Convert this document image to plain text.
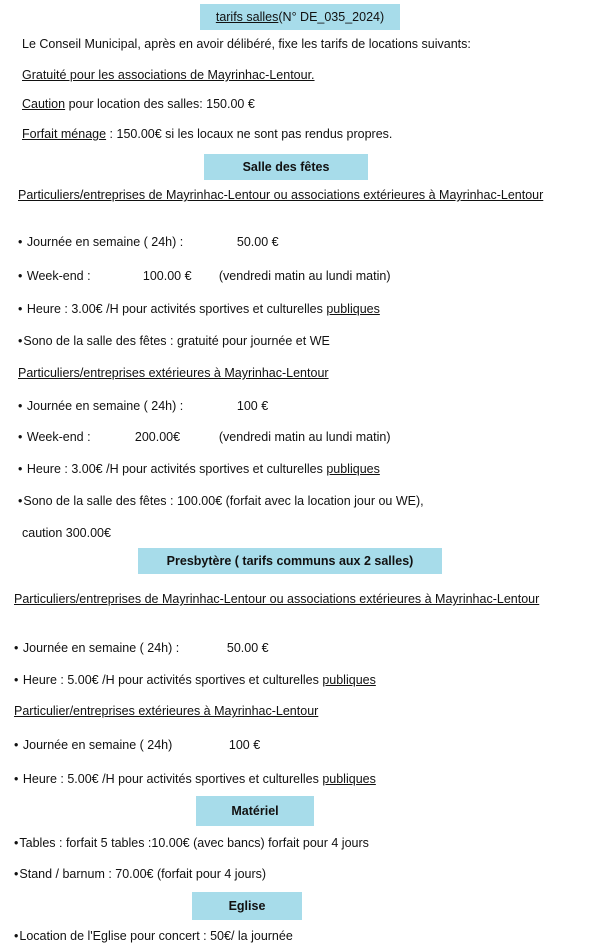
tarifs salles (N° DE_035_2024)
Le Conseil Municipal, après en avoir délibéré, fixe les tarifs de locations suivants:
Gratuité pour les associations de Mayrinhac-Lentour.
Caution pour location des salles: 150.00 €
Forfait ménage : 150.00€ si les locaux ne sont pas rendus propres.
Salle des fêtes
Particuliers/entreprises de Mayrinhac-Lentour ou associations extérieures à Mayrinhac-Lentour
• Journée en semaine ( 24h) :	50.00 €
• Week-end :	100.00 € (vendredi matin au lundi matin)
• Heure : 3.00€ /H pour activités sportives et culturelles publiques
• Sono de la salle des fêtes : gratuité pour journée et WE
Particuliers/entreprises extérieures à Mayrinhac-Lentour
• Journée en semaine ( 24h) :	100 €
• Week-end :	200.00€	(vendredi matin au lundi matin)
• Heure : 3.00€ /H pour activités sportives et culturelles publiques
• Sono de la salle des fêtes : 100.00€ (forfait avec la location jour ou WE),
caution 300.00€
Presbytère ( tarifs communs aux 2 salles)
Particuliers/entreprises de Mayrinhac-Lentour ou associations extérieures à Mayrinhac-Lentour
• Journée en semaine ( 24h) :	50.00 €
• Heure : 5.00€ /H pour activités sportives et culturelles publiques
Particulier/entreprises extérieures à Mayrinhac-Lentour
• Journée en semaine ( 24h)	100 €
• Heure : 5.00€ /H pour activités sportives et culturelles publiques
Matériel
• Tables : forfait 5 tables :10.00€ (avec bancs) forfait pour 4 jours
• Stand / barnum : 70.00€ (forfait pour 4 jours)
Eglise
• Location de l'Eglise pour concert : 50€/ la journée
